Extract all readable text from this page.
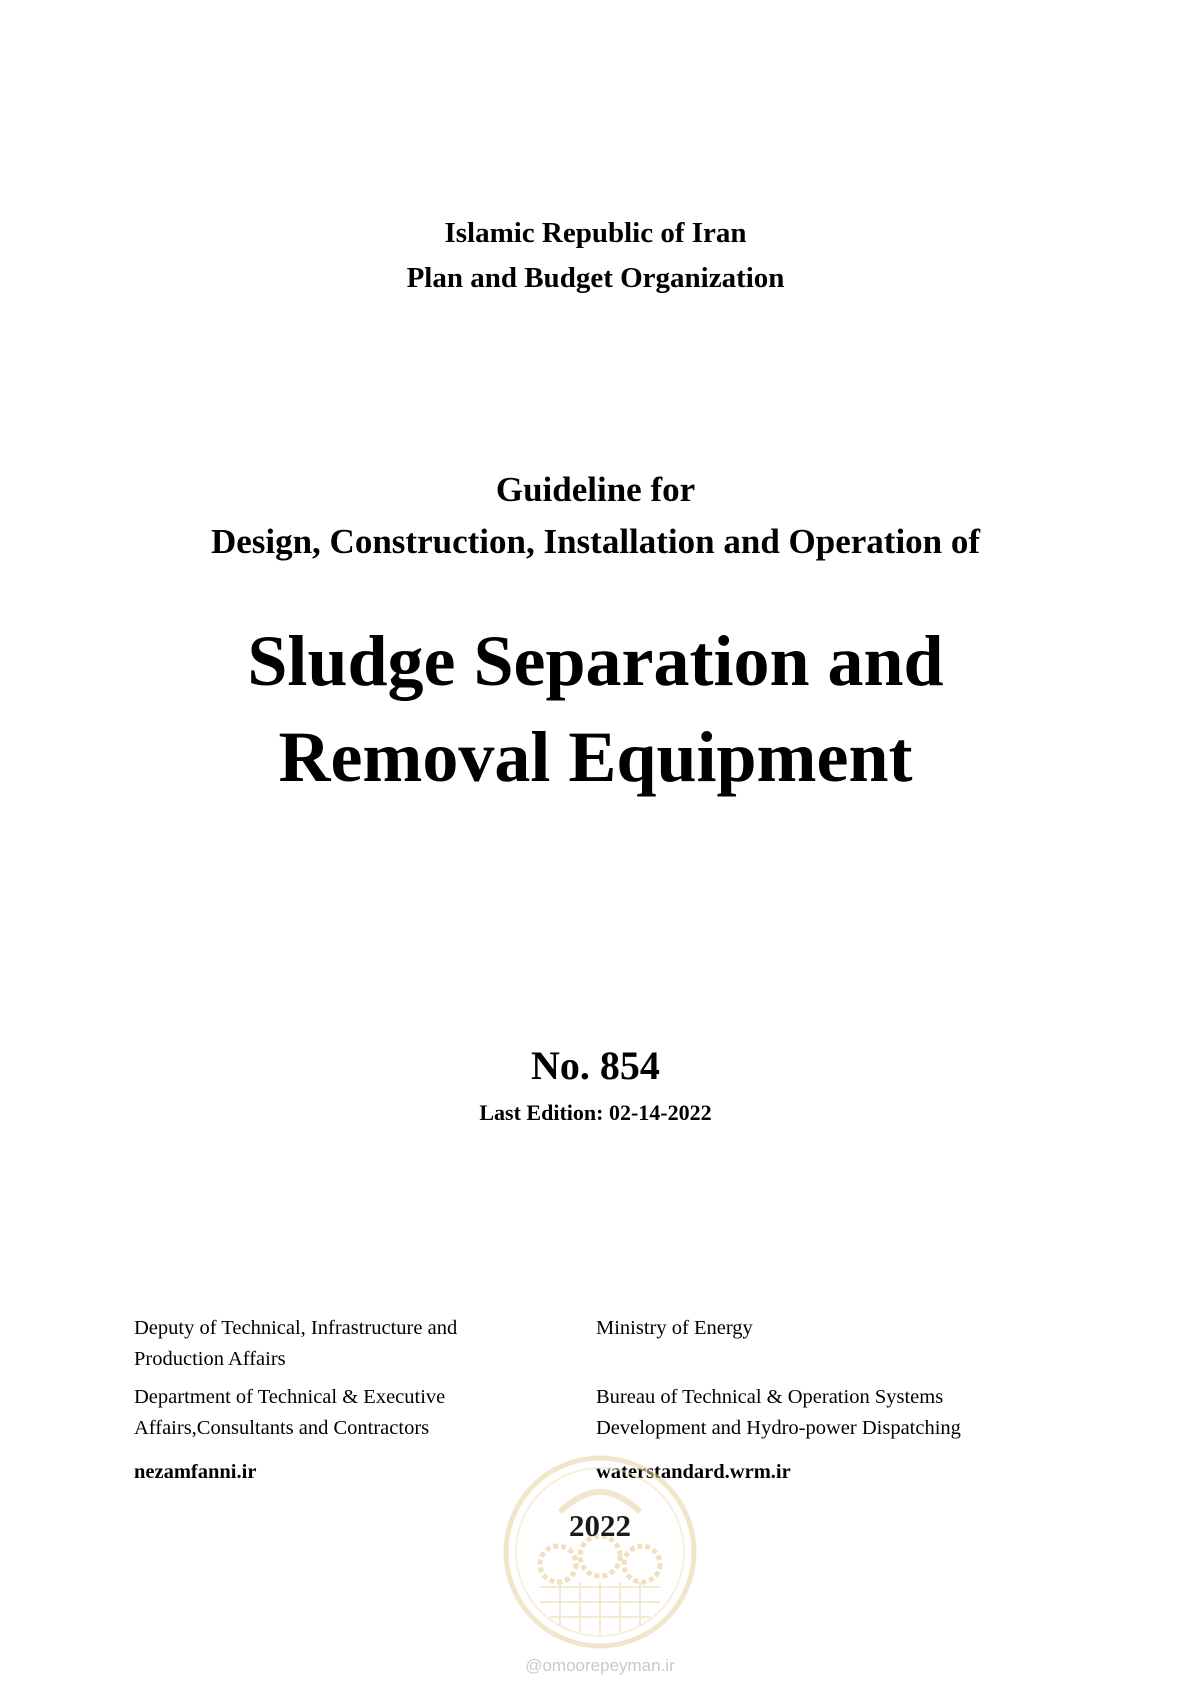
Islamic Republic of Iran
Plan and Budget Organization
Guideline for
Design, Construction, Installation and Operation of
Sludge Separation and
Removal Equipment
No. 854
Last Edition: 02-14-2022
Deputy of Technical, Infrastructure and
Production Affairs
Department of Technical & Executive
Affairs,Consultants and Contractors
nezamfanni.ir
Ministry of Energy

Bureau of Technical & Operation Systems
Development and Hydro-power Dispatching
waterstandard.wrm.ir
2022
@omoorepeyman.ir
